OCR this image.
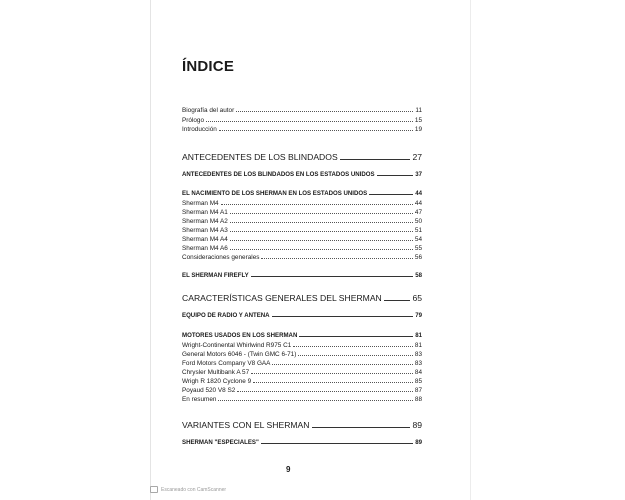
ÍNDICE
Biografía del autor	11
Prólogo	15
Introducción	19
ANTECEDENTES DE LOS BLINDADOS	27
ANTECEDENTES DE LOS BLINDADOS EN LOS ESTADOS UNIDOS	37
EL NACIMIENTO DE LOS SHERMAN EN LOS ESTADOS UNIDOS	44
Sherman M4	44
Sherman M4 A1	47
Sherman M4 A2	50
Sherman M4 A3	51
Sherman M4 A4	54
Sherman M4 A6	55
Consideraciones generales	56
EL SHERMAN FIREFLY	58
CARACTERÍSTICAS GENERALES DEL SHERMAN	65
EQUIPO DE RADIO Y ANTENA	79
MOTORES USADOS EN LOS SHERMAN	81
Wright-Continental Whirlwind R975 C1	81
General Motors 6046 - (Twin GMC 6-71)	83
Ford Motors Company V8 GAA	83
Chrysler Multibank A 57	84
Wrigh R 1820 Cyclone 9	85
Poyaud 520 V8 S2	87
En resumen	88
VARIANTES CON EL SHERMAN	89
SHERMAN "ESPECIALES"	89
9
Escaneado con CamScanner
